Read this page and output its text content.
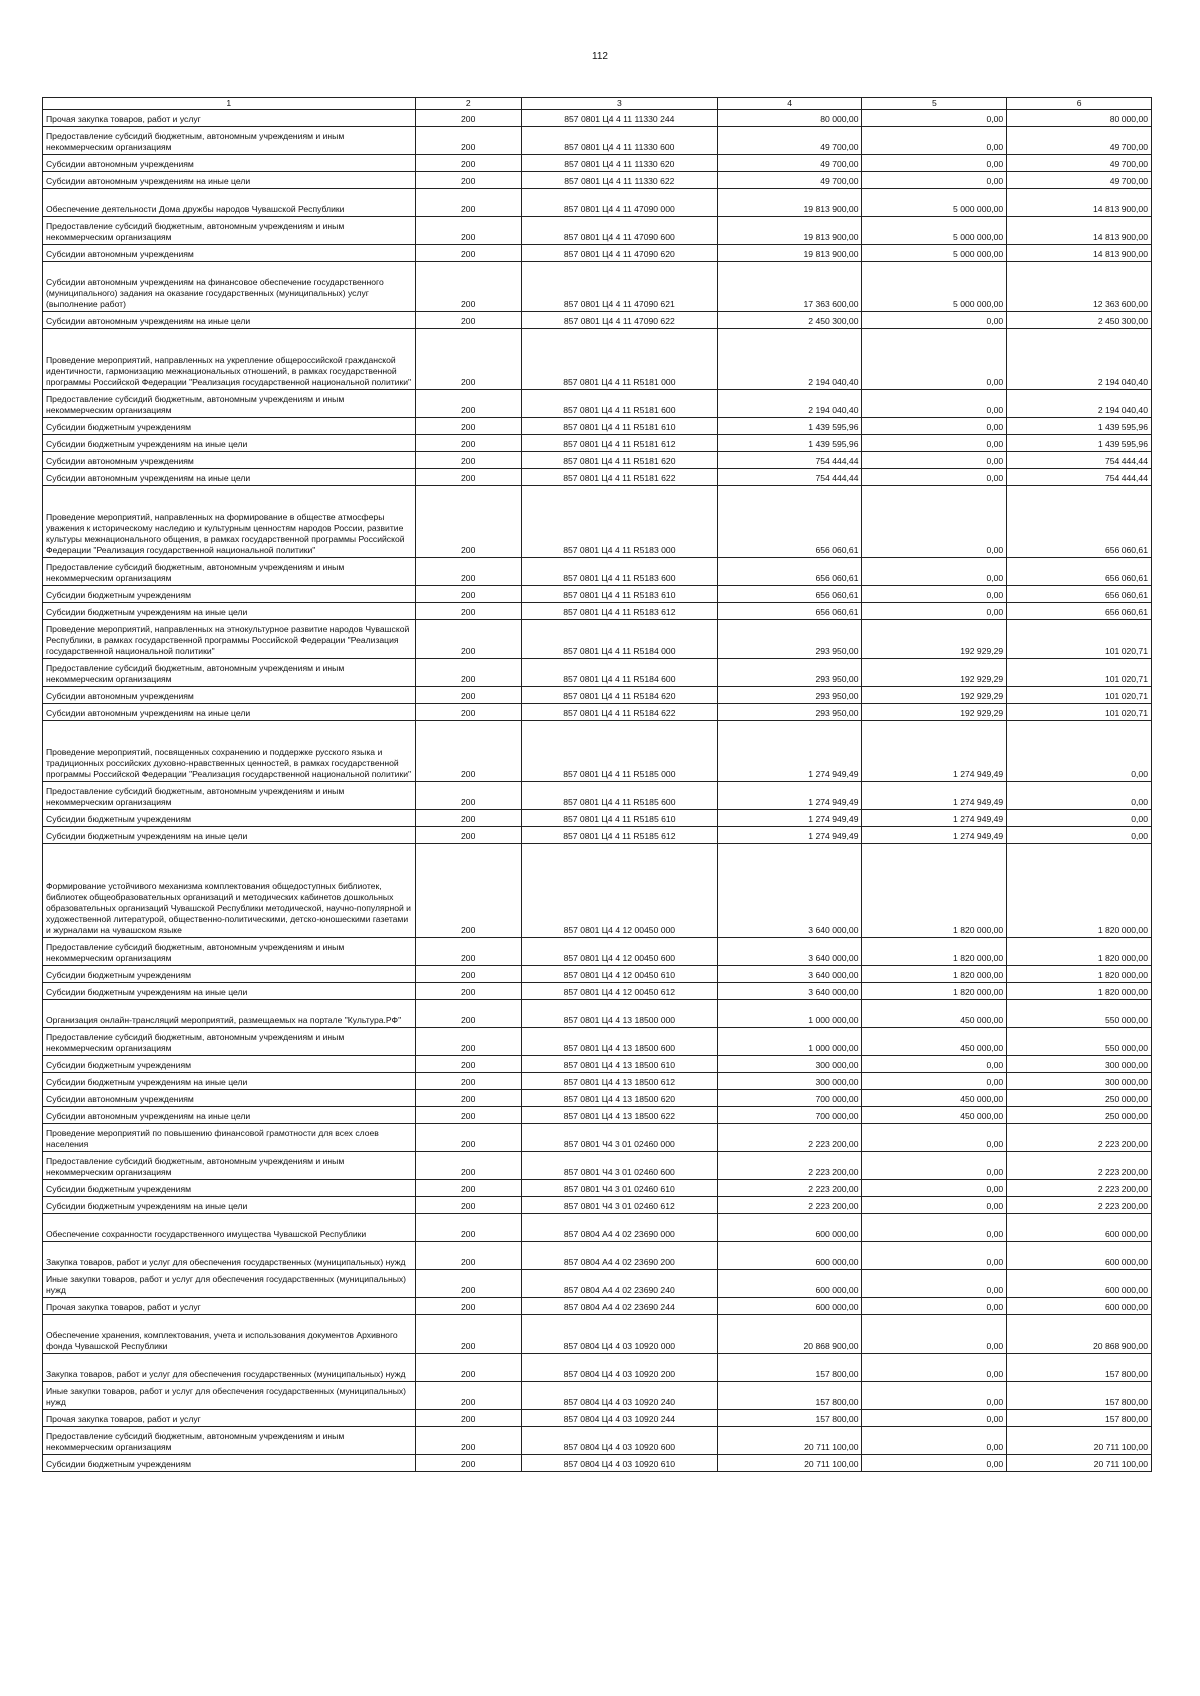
112
1	2	3	4	5	6
Прочая закупка товаров, работ и услуг	200	857 0801 Ц4 4 11 11330 244	80 000,00	0,00	80 000,00
Предоставление субсидий бюджетным, автономным учреждениям и иным некоммерческим организациям	200	857 0801 Ц4 4 11 11330 600	49 700,00	0,00	49 700,00
Субсидии автономным учреждениям	200	857 0801 Ц4 4 11 11330 620	49 700,00	0,00	49 700,00
Субсидии автономным учреждениям на иные цели	200	857 0801 Ц4 4 11 11330 622	49 700,00	0,00	49 700,00
Обеспечение деятельности Дома дружбы народов Чувашской Республики	200	857 0801 Ц4 4 11 47090 000	19 813 900,00	5 000 000,00	14 813 900,00
Предоставление субсидий бюджетным, автономным учреждениям и иным некоммерческим организациям	200	857 0801 Ц4 4 11 47090 600	19 813 900,00	5 000 000,00	14 813 900,00
Субсидии автономным учреждениям	200	857 0801 Ц4 4 11 47090 620	19 813 900,00	5 000 000,00	14 813 900,00
Субсидии автономным учреждениям на финансовое обеспечение государственного (муниципального) задания на оказание государственных (муниципальных) услуг (выполнение работ)	200	857 0801 Ц4 4 11 47090 621	17 363 600,00	5 000 000,00	12 363 600,00
Субсидии автономным учреждениям на иные цели	200	857 0801 Ц4 4 11 47090 622	2 450 300,00	0,00	2 450 300,00
Проведение мероприятий, направленных на укрепление общероссийской гражданской идентичности, гармонизацию межнациональных отношений, в рамках государственной программы Российской Федерации "Реализация государственной национальной политики"	200	857 0801 Ц4 4 11 R5181 000	2 194 040,40	0,00	2 194 040,40
Предоставление субсидий бюджетным, автономным учреждениям и иным некоммерческим организациям	200	857 0801 Ц4 4 11 R5181 600	2 194 040,40	0,00	2 194 040,40
Субсидии бюджетным учреждениям	200	857 0801 Ц4 4 11 R5181 610	1 439 595,96	0,00	1 439 595,96
Субсидии бюджетным учреждениям на иные цели	200	857 0801 Ц4 4 11 R5181 612	1 439 595,96	0,00	1 439 595,96
Субсидии автономным учреждениям	200	857 0801 Ц4 4 11 R5181 620	754 444,44	0,00	754 444,44
Субсидии автономным учреждениям на иные цели	200	857 0801 Ц4 4 11 R5181 622	754 444,44	0,00	754 444,44
Проведение мероприятий, направленных на формирование в обществе атмосферы уважения к историческому наследию и культурным ценностям народов России, развитие культуры межнационального общения, в рамках государственной программы Российской Федерации "Реализация государственной национальной политики"	200	857 0801 Ц4 4 11 R5183 000	656 060,61	0,00	656 060,61
Предоставление субсидий бюджетным, автономным учреждениям и иным некоммерческим организациям	200	857 0801 Ц4 4 11 R5183 600	656 060,61	0,00	656 060,61
Субсидии бюджетным учреждениям	200	857 0801 Ц4 4 11 R5183 610	656 060,61	0,00	656 060,61
Субсидии бюджетным учреждениям на иные цели	200	857 0801 Ц4 4 11 R5183 612	656 060,61	0,00	656 060,61
Проведение мероприятий, направленных на этнокультурное развитие народов Чувашской Республики, в рамках государственной программы Российской Федерации "Реализация государственной национальной политики"	200	857 0801 Ц4 4 11 R5184 000	293 950,00	192 929,29	101 020,71
Предоставление субсидий бюджетным, автономным учреждениям и иным некоммерческим организациям	200	857 0801 Ц4 4 11 R5184 600	293 950,00	192 929,29	101 020,71
Субсидии автономным учреждениям	200	857 0801 Ц4 4 11 R5184 620	293 950,00	192 929,29	101 020,71
Субсидии автономным учреждениям на иные цели	200	857 0801 Ц4 4 11 R5184 622	293 950,00	192 929,29	101 020,71
Проведение мероприятий, посвященных сохранению и поддержке русского языка и традиционных российских духовно-нравственных ценностей, в рамках государственной программы Российской Федерации "Реализация государственной национальной политики"	200	857 0801 Ц4 4 11 R5185 000	1 274 949,49	1 274 949,49	0,00
Предоставление субсидий бюджетным, автономным учреждениям и иным некоммерческим организациям	200	857 0801 Ц4 4 11 R5185 600	1 274 949,49	1 274 949,49	0,00
Субсидии бюджетным учреждениям	200	857 0801 Ц4 4 11 R5185 610	1 274 949,49	1 274 949,49	0,00
Субсидии бюджетным учреждениям на иные цели	200	857 0801 Ц4 4 11 R5185 612	1 274 949,49	1 274 949,49	0,00
Формирование устойчивого механизма комплектования общедоступных библиотек, библиотек общеобразовательных организаций и методических кабинетов дошкольных образовательных организаций Чувашской Республики методической, научно-популярной и художественной литературой, общественно-политическими, детско-юношескими газетами и журналами на чувашском языке	200	857 0801 Ц4 4 12 00450 000	3 640 000,00	1 820 000,00	1 820 000,00
Предоставление субсидий бюджетным, автономным учреждениям и иным некоммерческим организациям	200	857 0801 Ц4 4 12 00450 600	3 640 000,00	1 820 000,00	1 820 000,00
Субсидии бюджетным учреждениям	200	857 0801 Ц4 4 12 00450 610	3 640 000,00	1 820 000,00	1 820 000,00
Субсидии бюджетным учреждениям на иные цели	200	857 0801 Ц4 4 12 00450 612	3 640 000,00	1 820 000,00	1 820 000,00
Организация онлайн-трансляций мероприятий, размещаемых на портале "Культура.РФ"	200	857 0801 Ц4 4 13 18500 000	1 000 000,00	450 000,00	550 000,00
Предоставление субсидий бюджетным, автономным учреждениям и иным некоммерческим организациям	200	857 0801 Ц4 4 13 18500 600	1 000 000,00	450 000,00	550 000,00
Субсидии бюджетным учреждениям	200	857 0801 Ц4 4 13 18500 610	300 000,00	0,00	300 000,00
Субсидии бюджетным учреждениям на иные цели	200	857 0801 Ц4 4 13 18500 612	300 000,00	0,00	300 000,00
Субсидии автономным учреждениям	200	857 0801 Ц4 4 13 18500 620	700 000,00	450 000,00	250 000,00
Субсидии автономным учреждениям на иные цели	200	857 0801 Ц4 4 13 18500 622	700 000,00	450 000,00	250 000,00
Проведение мероприятий по повышению финансовой грамотности для всех слоев населения	200	857 0801 Ч4 3 01 02460 000	2 223 200,00	0,00	2 223 200,00
Предоставление субсидий бюджетным, автономным учреждениям и иным некоммерческим организациям	200	857 0801 Ч4 3 01 02460 600	2 223 200,00	0,00	2 223 200,00
Субсидии бюджетным учреждениям	200	857 0801 Ч4 3 01 02460 610	2 223 200,00	0,00	2 223 200,00
Субсидии бюджетным учреждениям на иные цели	200	857 0801 Ч4 3 01 02460 612	2 223 200,00	0,00	2 223 200,00
Обеспечение сохранности государственного имущества Чувашской Республики	200	857 0804 А4 4 02 23690 000	600 000,00	0,00	600 000,00
Закупка товаров, работ и услуг для обеспечения государственных (муниципальных) нужд	200	857 0804 А4 4 02 23690 200	600 000,00	0,00	600 000,00
Иные закупки товаров, работ и услуг для обеспечения государственных (муниципальных) нужд	200	857 0804 А4 4 02 23690 240	600 000,00	0,00	600 000,00
Прочая закупка товаров, работ и услуг	200	857 0804 А4 4 02 23690 244	600 000,00	0,00	600 000,00
Обеспечение хранения, комплектования, учета и использования документов Архивного фонда Чувашской Республики	200	857 0804 Ц4 4 03 10920 000	20 868 900,00	0,00	20 868 900,00
Закупка товаров, работ и услуг для обеспечения государственных (муниципальных) нужд	200	857 0804 Ц4 4 03 10920 200	157 800,00	0,00	157 800,00
Иные закупки товаров, работ и услуг для обеспечения государственных (муниципальных) нужд	200	857 0804 Ц4 4 03 10920 240	157 800,00	0,00	157 800,00
Прочая закупка товаров, работ и услуг	200	857 0804 Ц4 4 03 10920 244	157 800,00	0,00	157 800,00
Предоставление субсидий бюджетным, автономным учреждениям и иным некоммерческим организациям	200	857 0804 Ц4 4 03 10920 600	20 711 100,00	0,00	20 711 100,00
Субсидии бюджетным учреждениям	200	857 0804 Ц4 4 03 10920 610	20 711 100,00	0,00	20 711 100,00
